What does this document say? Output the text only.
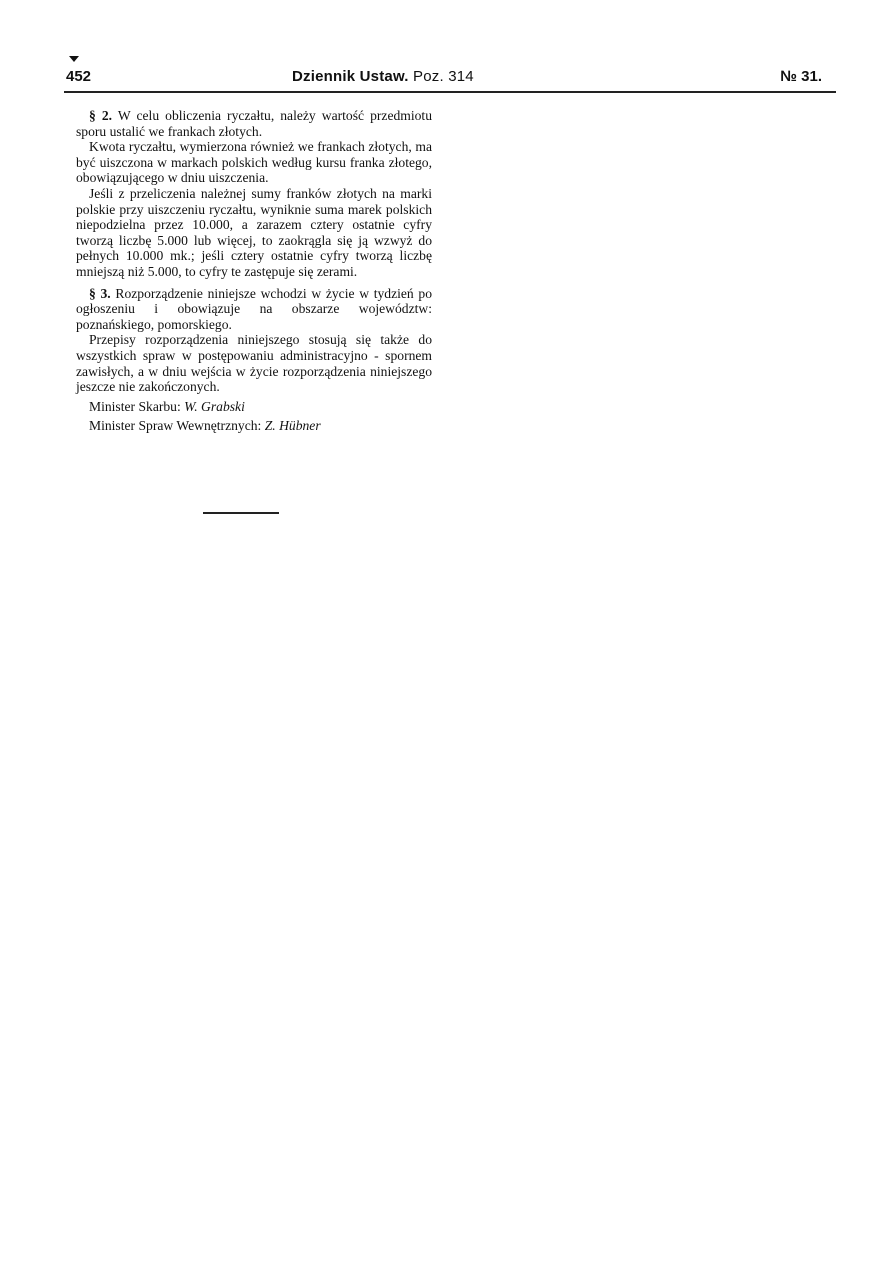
452	Dziennik Ustaw. Poz. 314	№ 31.

§ 2. W celu obliczenia ryczałtu, należy wartość przedmiotu sporu ustalić we frankach złotych.

Kwota ryczałtu, wymierzona również we frankach złotych, ma być uiszczona w markach polskich według kursu franka złotego, obowiązującego w dniu uiszczenia.

Jeśli z przeliczenia należnej sumy franków złotych na marki polskie przy uiszczeniu ryczałtu, wyniknie suma marek polskich niepodzielna przez 10.000, a zarazem cztery ostatnie cyfry tworzą liczbę 5.000 lub więcej, to zaokrągla się ją wzwyż do pełnych 10.000 mk.; jeśli cztery ostatnie cyfry tworzą liczbę mniejszą niż 5.000, to cyfry te zastępuje się zerami.

§ 3. Rozporządzenie niniejsze wchodzi w życie w tydzień po ogłoszeniu i obowiązuje na obszarze województw: poznańskiego, pomorskiego.

Przepisy rozporządzenia niniejszego stosują się także do wszystkich spraw w postępowaniu administracyjno - spornem zawisłych, a w dniu wejścia w życie rozporządzenia niniejszego jeszcze nie zakończonych.

Minister Skarbu: W. Grabski

Minister Spraw Wewnętrznych: Z. Hübner
